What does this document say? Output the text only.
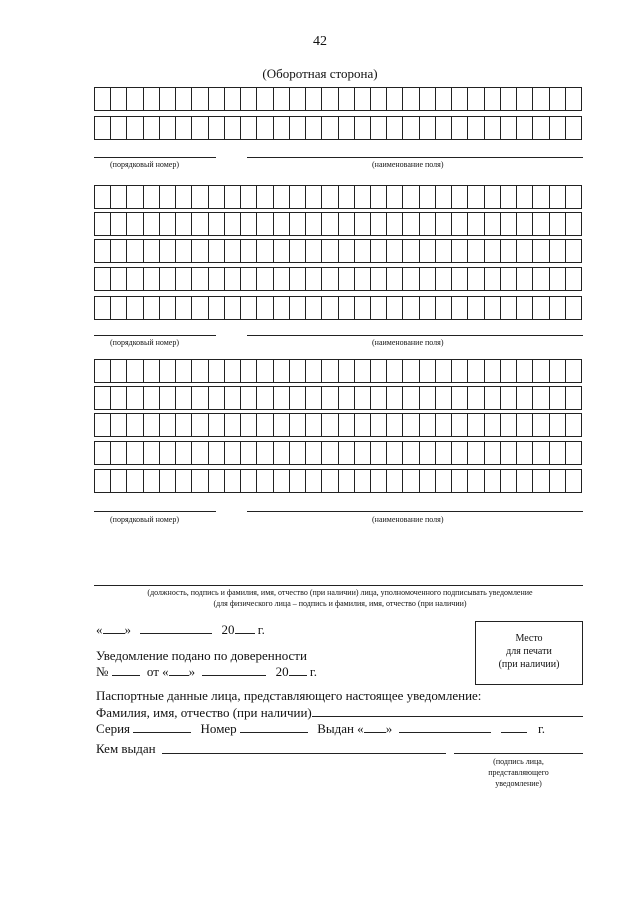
42
(Оборотная сторона)
(порядковый номер)	(наименование поля)
(порядковый номер)	(наименование поля)
(порядковый номер)	(наименование поля)
(должность, подпись и фамилия, имя, отчество (при наличии) лица, уполномоченного подписывать уведомление
(для физического лица – подпись и фамилия, имя, отчество (при наличии)
« »	20 г.
Место
для печати
(при наличии)
Уведомление подано по доверенности
№	от « »	20 г.
Паспортные данные лица, представляющего настоящее уведомление:
Фамилия, имя, отчество (при наличии)
Серия	Номер	Выдан « »	г.
Кем выдан
(подпись лица,
представляющего
уведомление)
